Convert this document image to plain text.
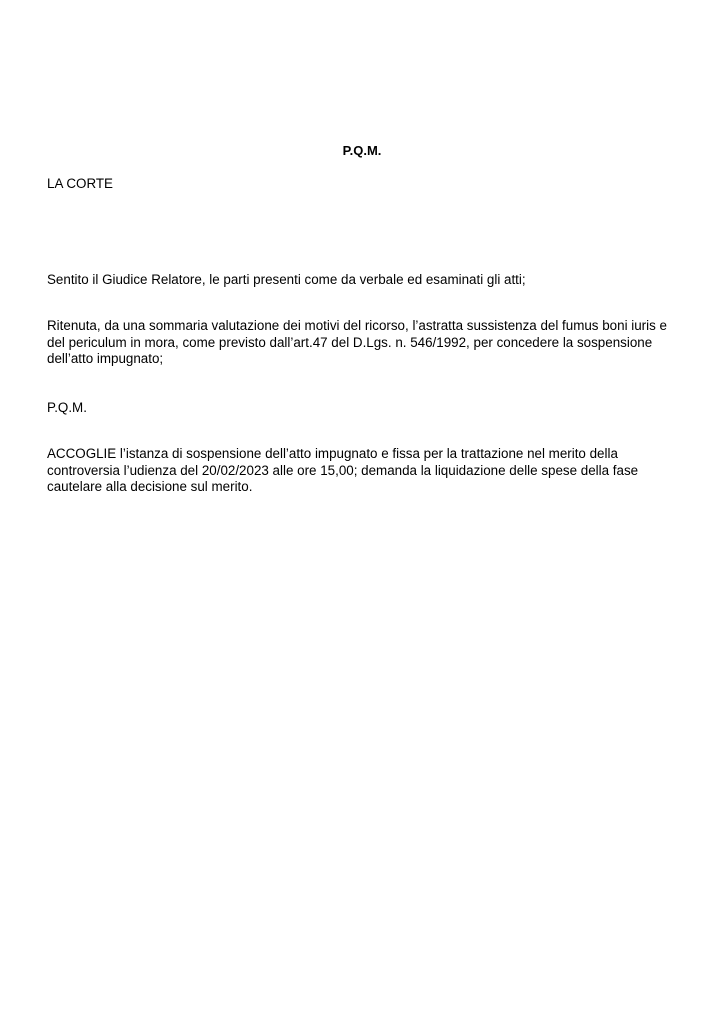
P.Q.M.

LA CORTE

Sentito il Giudice Relatore, le parti presenti come da verbale ed esaminati gli atti;

Ritenuta, da una sommaria valutazione dei motivi del ricorso, l’astratta sussistenza del fumus boni iuris e del periculum in mora, come previsto dall’art.47 del D.Lgs. n. 546/1992, per concedere la sospensione dell’atto impugnato;

P.Q.M.

ACCOGLIE l’istanza di sospensione dell’atto impugnato e fissa per la trattazione nel merito della controversia l’udienza del 20/02/2023 alle ore 15,00; demanda la liquidazione delle spese della fase cautelare alla decisione sul merito.
